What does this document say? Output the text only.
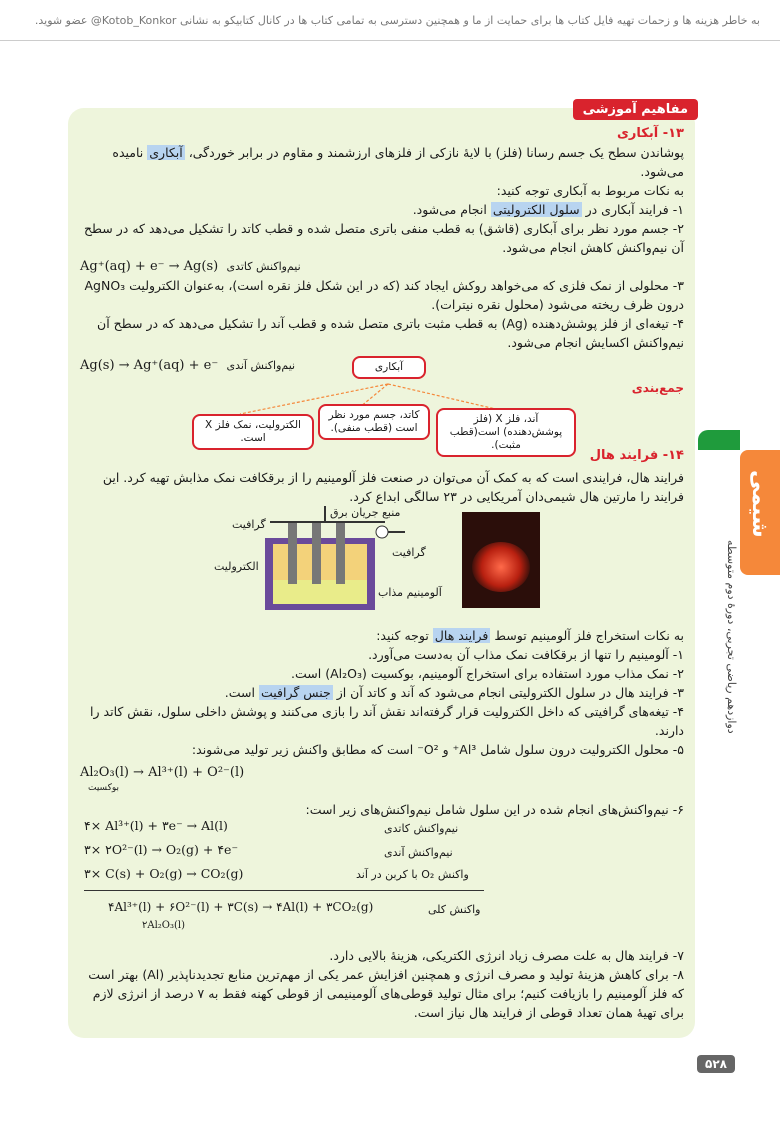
به خاطر هزینه ها و زحمات تهیه فایل کتاب ها برای حمایت از ما و همچنین دسترسی به تمامی کتاب ها در کانال کتابیکو به نشانی Kotob_Konkor@ عضو شوید.
مفاهیم آموزشی

۱۳- آبکاری

پوشاندن سطح یک جسم رسانا (فلز) با لایهٔ نازکی از فلزهای ارزشمند و مقاوم در برابر خوردگی، آبکاری نامیده می‌شود.

به نکات مربوط به آبکاری توجه کنید:

۱- فرایند آبکاری در سلول الکترولیتی انجام می‌شود.

۲- جسم مورد نظر برای آبکاری (قاشق) به قطب منفی باتری متصل شده و قطب کاتد را تشکیل می‌دهد که در سطح آن نیم‌واکنش کاهش انجام می‌شود.

Ag⁺(aq) + e⁻ → Ag(s) نیم‌واکنش کاتدی

۳- محلولی از نمک فلزی که می‌خواهد روکش ایجاد کند (که در این شکل فلز نقره است)، به‌عنوان الکترولیت AgNO₃ درون ظرف ریخته می‌شود (محلول نقره نیترات).

۴- تیغه‌ای از فلز پوشش‌دهنده (Ag) به قطب مثبت باتری متصل شده و قطب آند را تشکیل می‌دهد که در سطح آن نیم‌واکنش اکسایش انجام می‌شود.

Ag(s) → Ag⁺(aq) + e⁻ نیم‌واکنش آندی

جمع‌بندی

آبکاری
آند، فلز X (فلز پوشش‌دهنده) است(قطب مثبت).
کاتد، جسم مورد نظر است (قطب منفی).
الکترولیت، نمک فلز X است.

۱۴- فرایند هال

فرایند هال، فرایندی است که به کمک آن می‌توان در صنعت فلز آلومینیم را از برقکافت نمک مذابش تهیه کرد. این فرایند را مارتین هال شیمی‌دان آمریکایی در ۲۳ سالگی ابداع کرد.

منبع جریان برق
گرافیت
گرافیت
الکترولیت
آلومینیم مذاب

به نکات استخراج فلز آلومینیم توسط فرایند هال توجه کنید:

۱- آلومینیم را تنها از برقکافت نمک مذاب آن به‌دست می‌آورد.

۲- نمک مذاب مورد استفاده برای استخراج آلومینیم، بوکسیت (Al₂O₃) است.

۳- فرایند هال در سلول الکترولیتی انجام می‌شود که آند و کاتد آن از جنس گرافیت است.

۴- تیغه‌های گرافیتی که داخل الکترولیت قرار گرفته‌اند نقش آند را بازی می‌کنند و پوشش داخلی سلول، نقش کاتد را دارند.

۵- محلول الکترولیت درون سلول شامل Al³⁺ و O²⁻ است که مطابق واکنش زیر تولید می‌شوند:

Al₂O₃(l) → Al³⁺(l) + O²⁻(l)

بوکسیت

۶- نیم‌واکنش‌های انجام شده در این سلول شامل نیم‌واکنش‌های زیر است:

۴× Al³⁺(l) + ۳e⁻ → Al(l)	نیم‌واکنش کاتدی
۳× ۲O²⁻(l) → O₂(g) + ۴e⁻	نیم‌واکنش آندی
۳× C(s) + O₂(g) → CO₂(g)	واکنش O₂ با کربن در آند
۴Al³⁺(l) + ۶O²⁻(l) + ۳C(s) → ۴Al(l) + ۳CO₂(g)	واکنش کلی
۲Al₂O₃(l)

۷- فرایند هال به علت مصرف زیاد انرژی الکتریکی، هزینهٔ بالایی دارد.

۸- برای کاهش هزینهٔ تولید و مصرف انرژی و همچنین افزایش عمر یکی از مهم‌ترین منابع تجدیدناپذیر (Al) بهتر است که فلز آلومینیم را بازیافت کنیم؛ برای مثال تولید قوطی‌های آلومینیمی از قوطی کهنه فقط به ۷ درصد از انرژی لازم برای تهیهٔ همان تعداد قوطی از فرایند هال نیاز است.

شیمی
دوازدهم ریاضی تجربی، دورهٔ دوم متوسطه
۵۲۸
